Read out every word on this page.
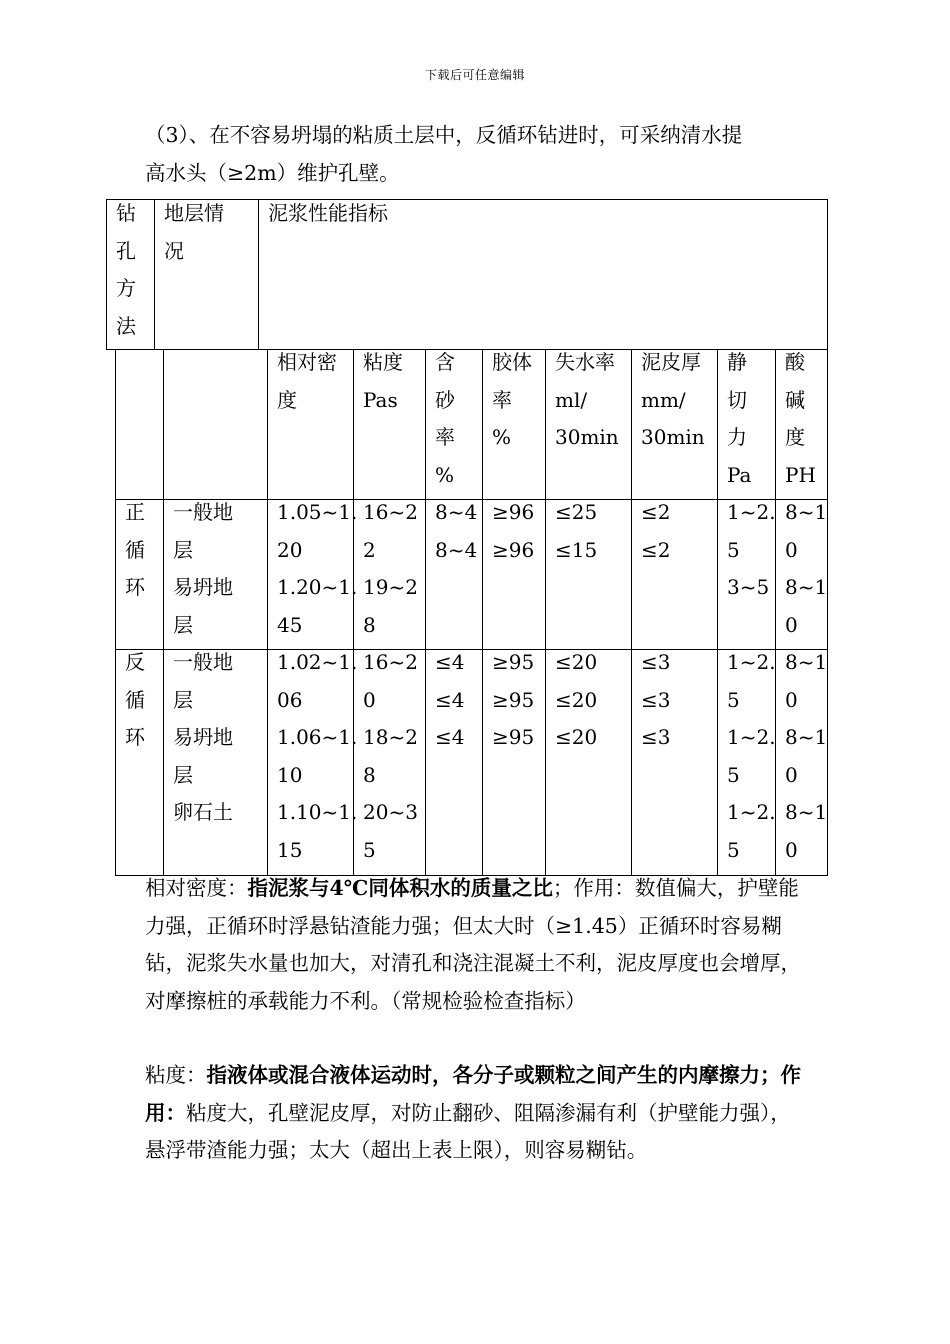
下载后可任意编辑
（3）、在不容易坍塌的粘质土层中，反循环钻进时，可采纳清水提
高水头（≥2m）维护孔壁。
钻
孔
方
法
地层情
况
泥浆性能指标
相对密
度
粘度
Pas
含
砂
率
%
胶体
率
%
失水率
ml/
30min
泥皮厚
mm/
30min
静
切
力
Pa
酸
碱
度
PH
正
循
环
一般地
层
易坍地
层
1.05~1.
20
1.20~1.
45
16~2
2
19~2
8
8~4
8~4
≥96
≥96
≤25
≤15
≤2
≤2
1~2.
5
3~5
8~1
0
8~1
0
反
循
环
一般地
层
易坍地
层
卵石土
1.02~1.
06
1.06~1.
10
1.10~1.
15
16~2
0
18~2
8
20~3
5
≤4
≤4
≤4
≥95
≥95
≥95
≤20
≤20
≤20
≤3
≤3
≤3
1~2.
5
1~2.
5
1~2.
5
8~1
0
8~1
0
8~1
0
相对密度：指泥浆与4℃同体积水的质量之比；作用：数值偏大，护壁能力强，正循环时浮悬钻渣能力强；但太大时（≥1.45）正循环时容易糊钻，泥浆失水量也加大，对清孔和浇注混凝土不利，泥皮厚度也会增厚，对摩擦桩的承载能力不利。（常规检验检查指标）
粘度：指液体或混合液体运动时，各分子或颗粒之间产生的内摩擦力；作用：粘度大，孔壁泥皮厚，对防止翻砂、阻隔渗漏有利（护壁能力强），悬浮带渣能力强；太大（超出上表上限），则容易糊钻。
